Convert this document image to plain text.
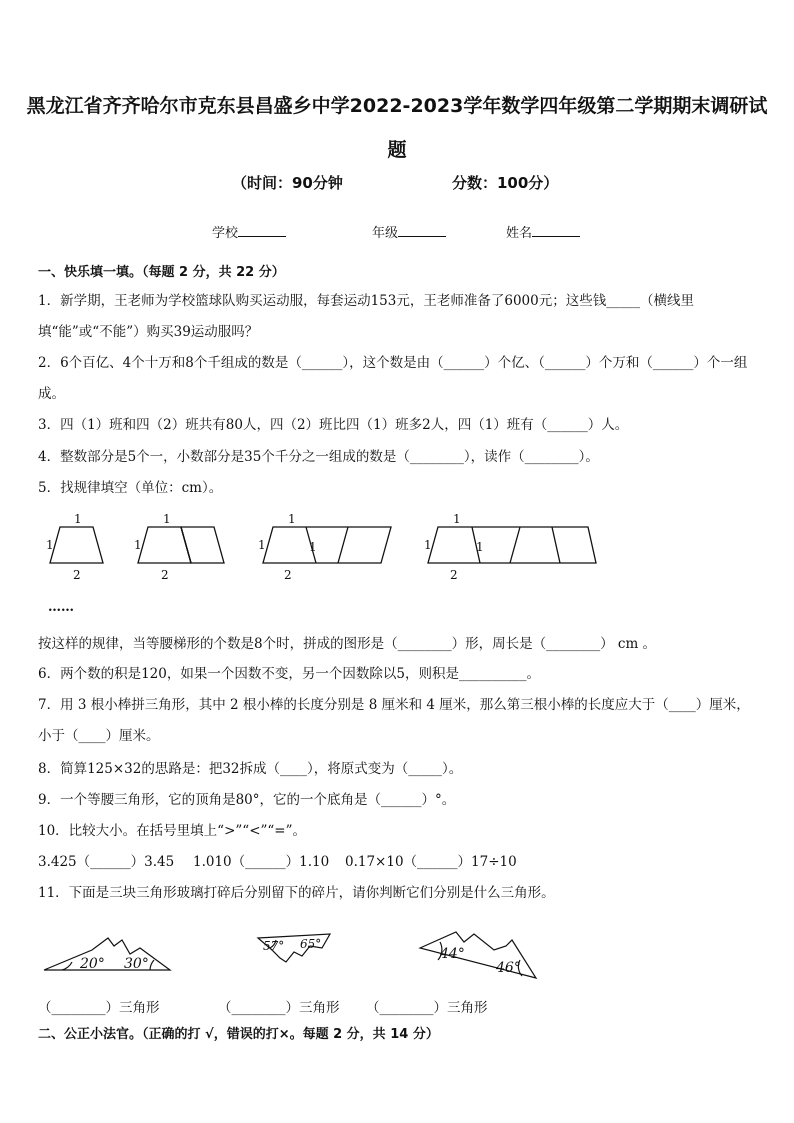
黑龙江省齐齐哈尔市克东县昌盛乡中学2022-2023学年数学四年级第二学期期末调研试题
（时间：90分钟	分数：100分）
学校	年级	姓名
一、快乐填一填。（每题 2 分，共 22 分）
1．新学期，王老师为学校篮球队购买运动服，每套运动153元，王老师准备了6000元；这些钱_____（横线里填“能”或“不能”）购买39运动服吗？
2．6个百亿、4个十万和8个千组成的数是（______），这个数是由（______）个亿、（______）个万和（______）个一组成。
3．四（1）班和四（2）班共有80人，四（2）班比四（1）班多2人，四（1）班有（______）人。
4．整数部分是5个一，小数部分是35个千分之一组成的数是（________），读作（________）。
5．找规律填空（单位：cm）。
1
1
2
1
1
2
1
1	1
2
1
1	1
2
……
按这样的规律，当等腰梯形的个数是8个时，拼成的图形是（________）形，周长是（________） cm 。
6．两个数的积是120，如果一个因数不变，另一个因数除以5，则积是__________。
7．用 3 根小棒拼三角形，其中 2 根小棒的长度分别是 8 厘米和 4 厘米，那么第三根小棒的长度应大于（____）厘米，小于（____）厘米。
8．简算125×32的思路是：把32拆成（____），将原式变为（_____）。
9．一个等腰三角形，它的顶角是80°，它的一个底角是（______）°。
10．比较大小。在括号里填上“>”“<”“=”。
3.425（______）3.45 1.010（______）1.10 0.17×10（______）17÷10
11．下面是三块三角形玻璃打碎后分别留下的碎片，请你判断它们分别是什么三角形。
20° 30°
57° 65°
44°
46°
（________）三角形	（________）三角形 （________）三角形
二、公正小法官。（正确的打 √，错误的打×。每题 2 分，共 14 分）
